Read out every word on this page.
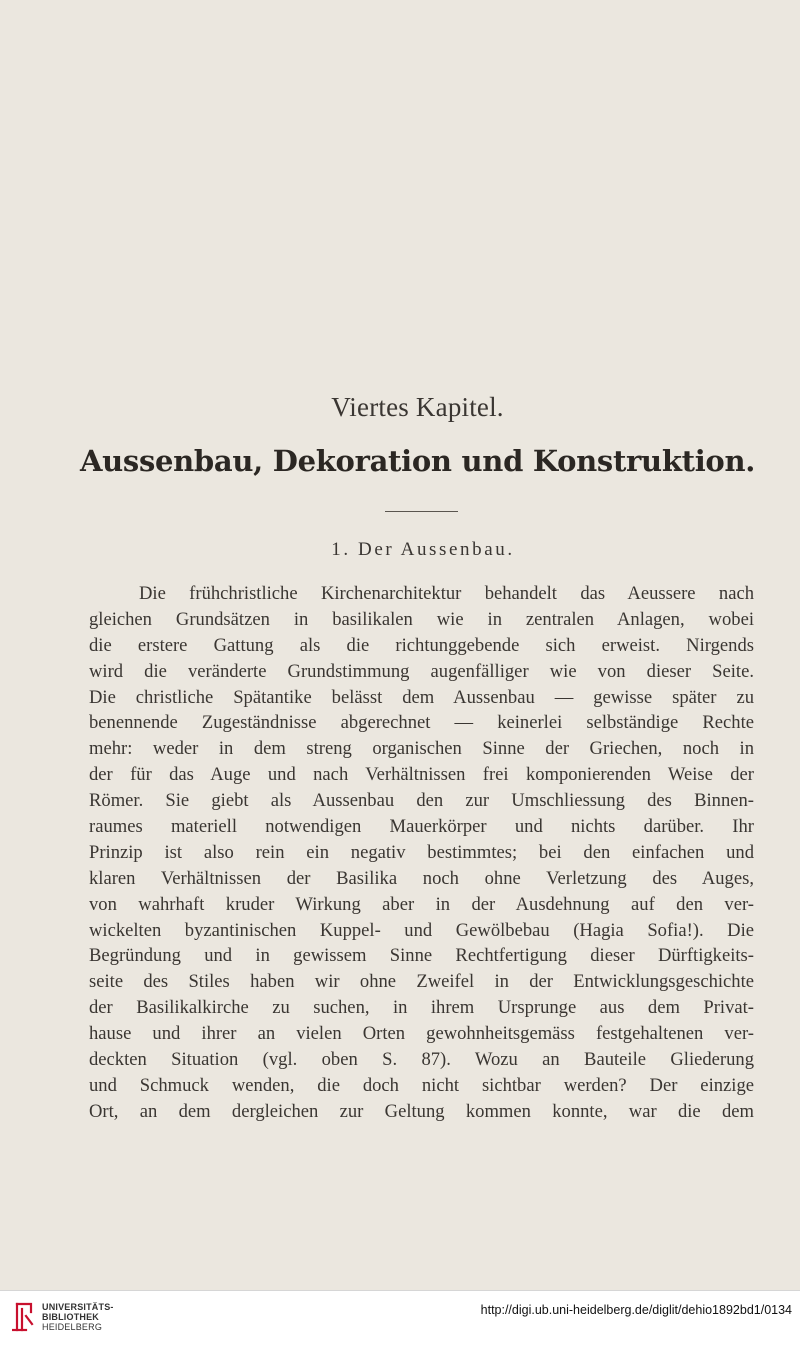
Viertes Kapitel.
Aussenbau, Dekoration und Konstruktion.
1. Der Aussenbau.
Die frühchristliche Kirchenarchitektur behandelt das Aeussere nach
gleichen Grundsätzen in basilikalen wie in zentralen Anlagen, wobei
die erstere Gattung als die richtunggebende sich erweist. Nirgends
wird die veränderte Grundstimmung augenfälliger wie von dieser Seite.
Die christliche Spätantike belässt dem Aussenbau — gewisse später zu
benennende Zugeständnisse abgerechnet — keinerlei selbständige Rechte
mehr: weder in dem streng organischen Sinne der Griechen, noch in
der für das Auge und nach Verhältnissen frei komponierenden Weise der
Römer. Sie giebt als Aussenbau den zur Umschliessung des Binnen-
raumes materiell notwendigen Mauerkörper und nichts darüber. Ihr
Prinzip ist also rein ein negativ bestimmtes; bei den einfachen und
klaren Verhältnissen der Basilika noch ohne Verletzung des Auges,
von wahrhaft kruder Wirkung aber in der Ausdehnung auf den ver-
wickelten byzantinischen Kuppel- und Gewölbebau (Hagia Sofia!). Die
Begründung und in gewissem Sinne Rechtfertigung dieser Dürftigkeits-
seite des Stiles haben wir ohne Zweifel in der Entwicklungsgeschichte
der Basilikalkirche zu suchen, in ihrem Ursprunge aus dem Privat-
hause und ihrer an vielen Orten gewohnheitsgemäss festgehaltenen ver-
deckten Situation (vgl. oben S. 87). Wozu an Bauteile Gliederung
und Schmuck wenden, die doch nicht sichtbar werden? Der einzige
Ort, an dem dergleichen zur Geltung kommen konnte, war die dem
UNIVERSITÄTS-
BIBLIOTHEK
HEIDELBERG
http://digi.ub.uni-heidelberg.de/diglit/dehio1892bd1/0134
